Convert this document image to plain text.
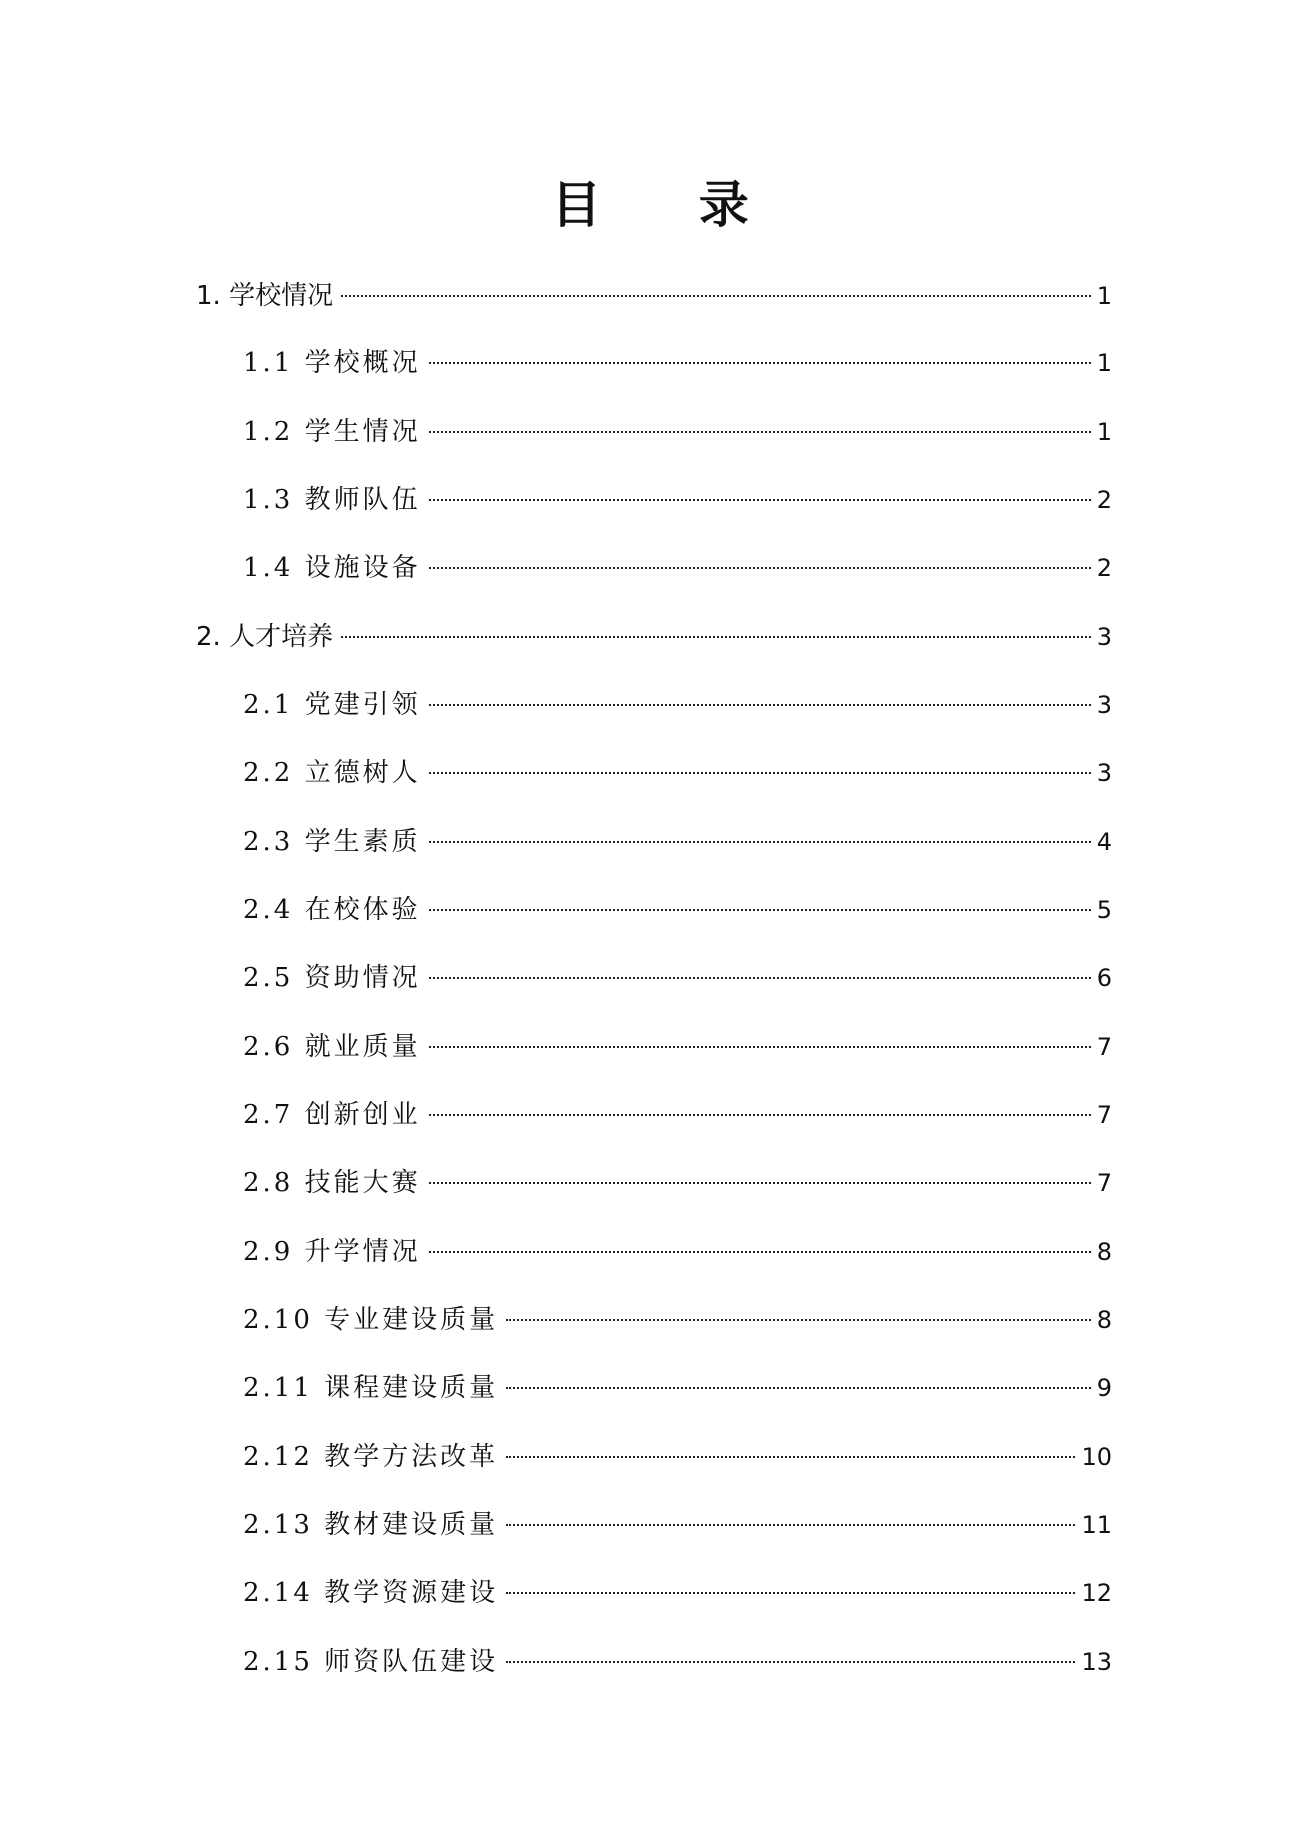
目 录
1. 学校情况	1
1.1 学校概况	1
1.2 学生情况	1
1.3 教师队伍	2
1.4 设施设备	2
2. 人才培养	3
2.1 党建引领	3
2.2 立德树人	3
2.3 学生素质	4
2.4 在校体验	5
2.5 资助情况	6
2.6 就业质量	7
2.7 创新创业	7
2.8 技能大赛	7
2.9 升学情况	8
2.10 专业建设质量	8
2.11 课程建设质量	9
2.12 教学方法改革	10
2.13 教材建设质量	11
2.14 教学资源建设	12
2.15 师资队伍建设	13
